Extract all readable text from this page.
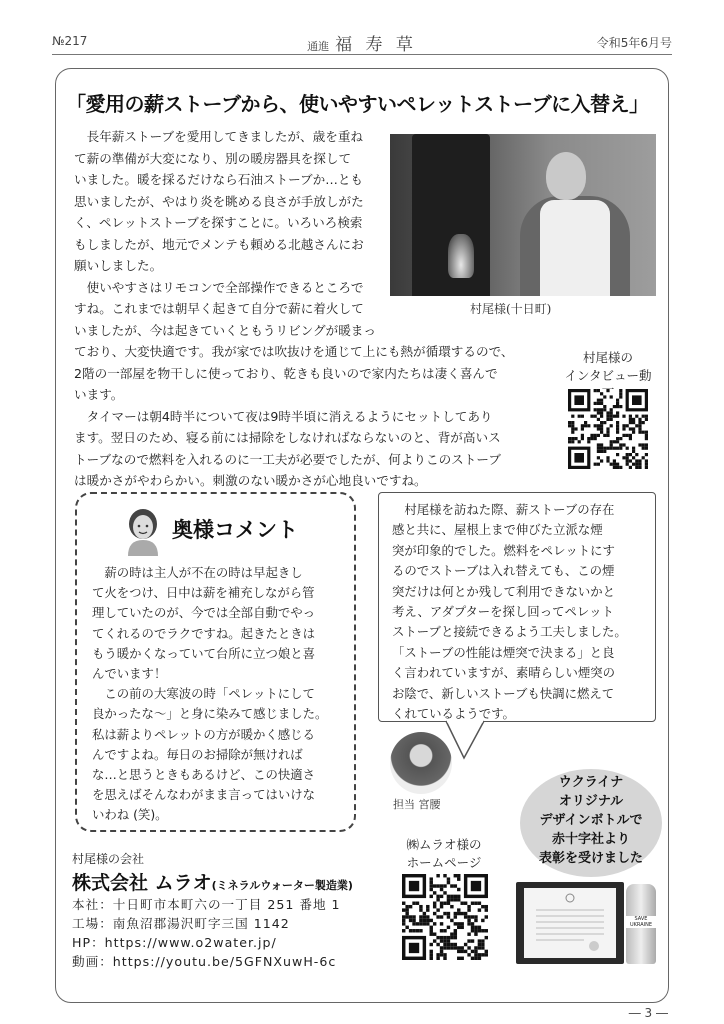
№217	通進 福 寿 草	令和5年6月号
「愛用の薪ストーブから、使いやすいペレットストーブに入替え」
　長年薪ストーブを愛用してきましたが、歳を重ね
て薪の準備が大変になり、別の暖房器具を探して
いました。暖を採るだけなら石油ストーブか…とも
思いましたが、やはり炎を眺める良さが手放しがた
く、ペレットストーブを探すことに。いろいろ検索
もしましたが、地元でメンテも頼める北越さんにお
願いしました。
　使いやすさはリモコンで全部操作できるところで
すね。これまでは朝早く起きて自分で薪に着火して
いましたが、今は起きていくともうリビングが暖まっ
村尾様(十日町)
ており、大変快適です。我が家では吹抜けを通じて上にも熱が循環するので、
2階の一部屋を物干しに使っており、乾きも良いので家内たちは凄く喜んで
います。
　タイマーは朝4時半について夜は9時半頃に消えるようにセットしてあり
ます。翌日のため、寝る前には掃除をしなければならないのと、背が高いス
トーブなので燃料を入れるのに一工夫が必要でしたが、何よりこのストーブ
は暖かさがやわらかい。刺激のない暖かさが心地良いですね。
村尾様の
インタビュー動
奥様コメント
　薪の時は主人が不在の時は早起きし
て火をつけ、日中は薪を補充しながら管
理していたのが、今では全部自動でやっ
てくれるのでラクですね。起きたときは
もう暖かくなっていて台所に立つ娘と喜
んでいます！
　この前の大寒波の時「ペレットにして
良かったな〜」と身に染みて感じました。
私は薪よりペレットの方が暖かく感じる
んですよね。毎日のお掃除が無ければ
な…と思うときもあるけど、この快適さ
を思えばそんなわがまま言ってはいけな
いわね (笑)。
　村尾様を訪ねた際、薪ストーブの存在
感と共に、屋根上まで伸びた立派な煙
突が印象的でした。燃料をペレットにす
るのでストーブは入れ替えても、この煙
突だけは何とか残して利用できないかと
考え、アダプターを探し回ってペレット
ストーブと接続できるよう工夫しました。
「ストーブの性能は煙突で決まる」と良
く言われていますが、素晴らしい煙突の
お陰で、新しいストーブも快調に燃えて
くれているようです。
担当 宮腰
ウクライナ
オリジナル
デザインボトルで
赤十字社より
表彰を受けました
SAVE UKRAINE
㈱ムラオ様の
ホームページ
村尾様の会社
株式会社 ムラオ(ミネラルウォーター製造業)
本社：十日町市本町六の一丁目 251 番地 1
工場：南魚沼郡湯沢町字三国 1142
HP：https://www.o2water.jp/
動画：https://youtu.be/5GFNXuwH-6c
― 3 ―
